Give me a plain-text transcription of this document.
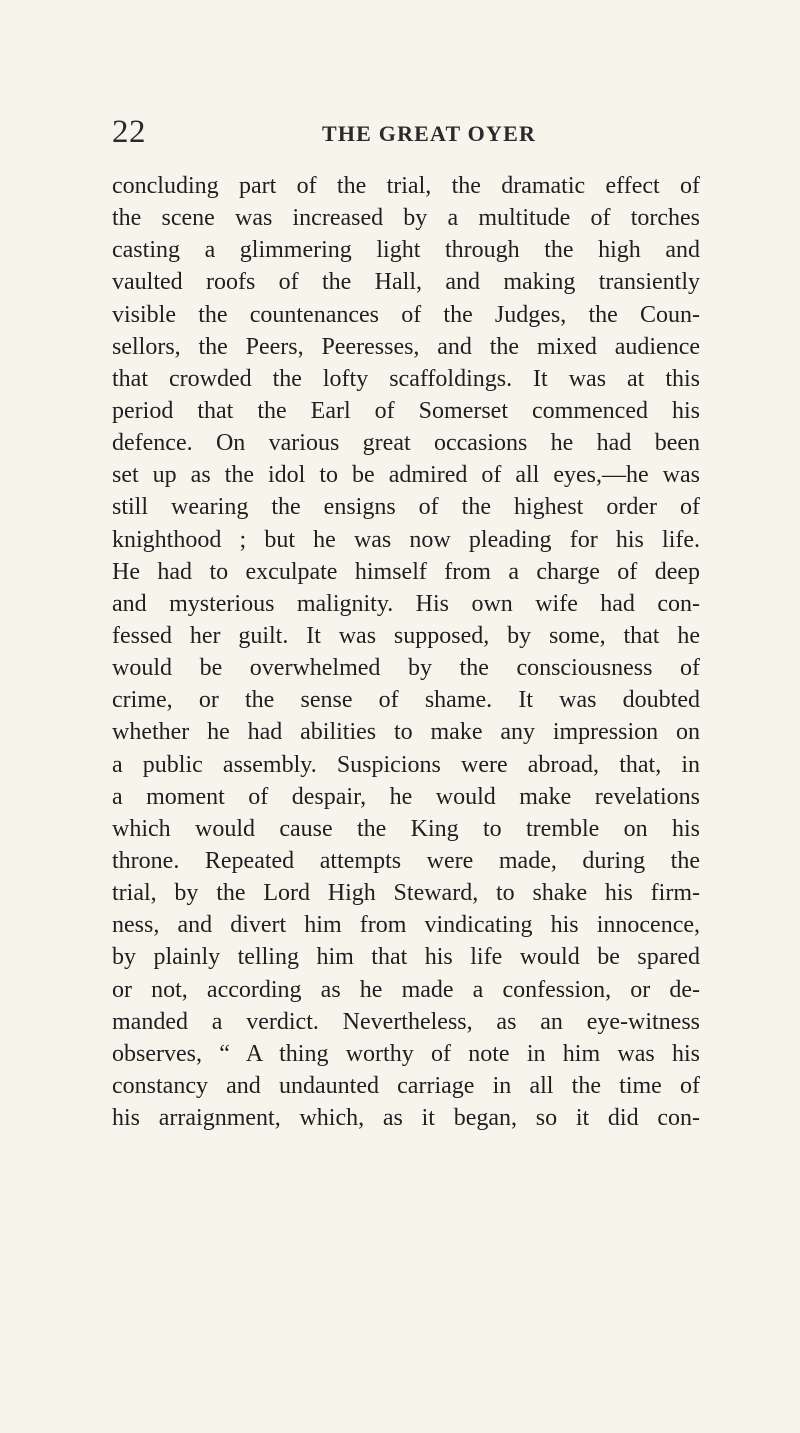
22	THE GREAT OYER
concluding part of the trial, the dramatic effect of
the scene was increased by a multitude of torches
casting a glimmering light through the high and
vaulted roofs of the Hall, and making transiently
visible the countenances of the Judges, the Coun-
sellors, the Peers, Peeresses, and the mixed audience
that crowded the lofty scaffoldings. It was at this
period that the Earl of Somerset commenced his
defence. On various great occasions he had been
set up as the idol to be admired of all eyes,—he was
still wearing the ensigns of the highest order of
knighthood ; but he was now pleading for his life.
He had to exculpate himself from a charge of deep
and mysterious malignity. His own wife had con-
fessed her guilt. It was supposed, by some, that he
would be overwhelmed by the consciousness of
crime, or the sense of shame. It was doubted
whether he had abilities to make any impression on
a public assembly. Suspicions were abroad, that, in
a moment of despair, he would make revelations
which would cause the King to tremble on his
throne. Repeated attempts were made, during the
trial, by the Lord High Steward, to shake his firm-
ness, and divert him from vindicating his innocence,
by plainly telling him that his life would be spared
or not, according as he made a confession, or de-
manded a verdict. Nevertheless, as an eye-witness
observes, “ A thing worthy of note in him was his
constancy and undaunted carriage in all the time of
his arraignment, which, as it began, so it did con-
